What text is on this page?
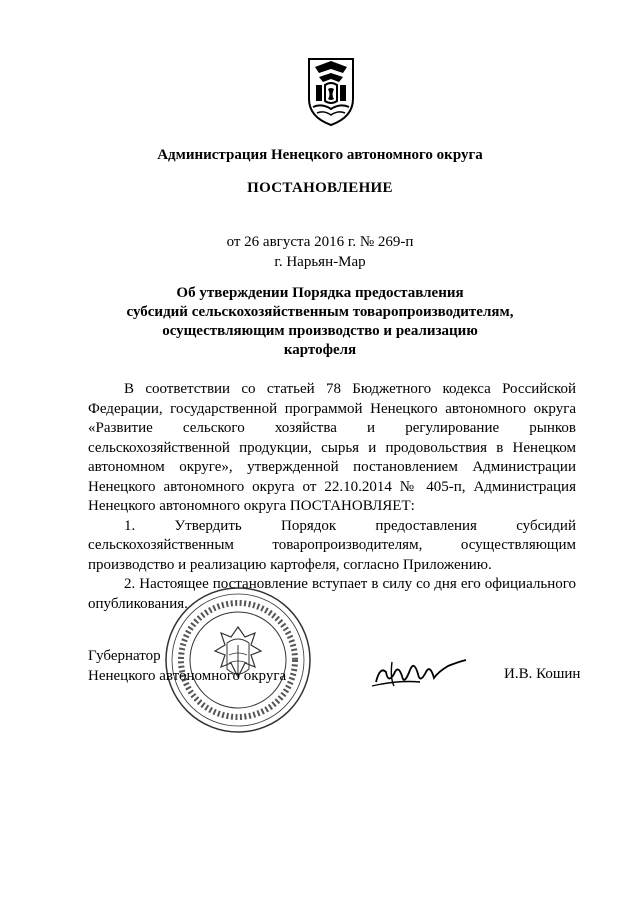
Администрация Ненецкого автономного округа
ПОСТАНОВЛЕНИЕ
от 26 августа 2016 г. № 269-п
г. Нарьян-Мар
Об утверждении Порядка предоставления
субсидий сельскохозяйственным товаропроизводителям,
осуществляющим производство и реализацию
картофеля

В соответствии со статьей 78 Бюджетного кодекса Российской Федерации, государственной программой Ненецкого автономного округа «Развитие сельского хозяйства и регулирование рынков сельскохозяйственной продукции, сырья и продовольствия в Ненецком автономном округе», утвержденной постановлением Администрации Ненецкого автономного округа от 22.10.2014 № 405-п, Администрация Ненецкого автономного округа ПОСТАНОВЛЯЕТ:

1. Утвердить Порядок предоставления субсидий сельскохозяйственным товаропроизводителям, осуществляющим производство и реализацию картофеля, согласно Приложению.

2. Настоящее постановление вступает в силу со дня его официального опубликования.

Губернатор
Ненецкого автономного округа	И.В. Кошин
